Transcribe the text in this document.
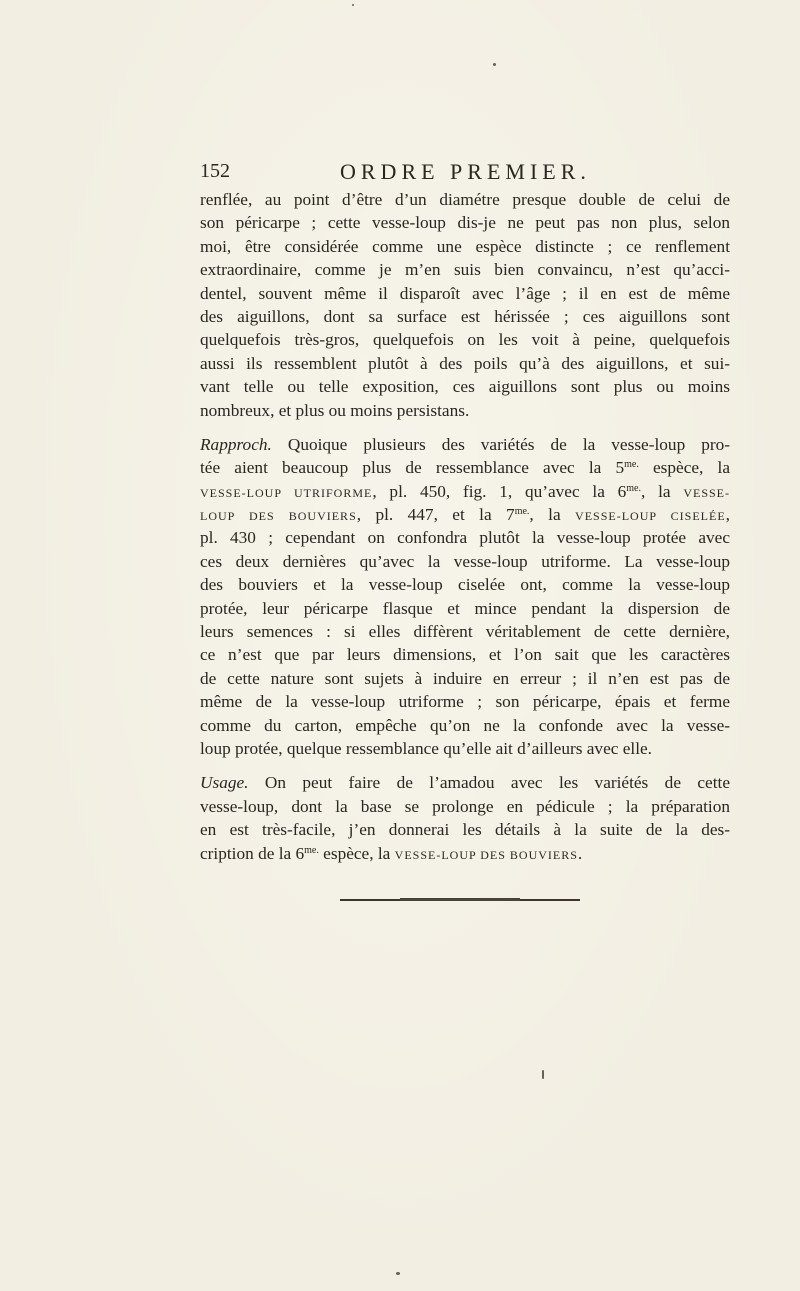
152	ORDRE PREMIER.
renflée, au point d’être d’un diamétre presque double de celui de
son péricarpe ; cette vesse-loup dis-je ne peut pas non plus, selon
moi, être considérée comme une espèce distincte ; ce renflement
extraordinaire, comme je m’en suis bien convaincu, n’est qu’acci-
dentel, souvent même il disparoît avec l’âge ; il en est de même
des aiguillons, dont sa surface est hérissée ; ces aiguillons sont
quelquefois très-gros, quelquefois on les voit à peine, quelquefois
aussi ils ressemblent plutôt à des poils qu’à des aiguillons, et sui-
vant telle ou telle exposition, ces aiguillons sont plus ou moins
nombreux, et plus ou moins persistans.
Rapproch. Quoique plusieurs des variétés de la vesse-loup pro-
tée aient beaucoup plus de ressemblance avec la $5^{me.}$ espèce, la
VESSE-LOUP UTRIFORME, pl. 450, fig. 1, qu’avec la $6^{me.}$, la VESSE-
LOUP DES BOUVIERS, pl. 447, et la $7^{me.}$, la VESSE-LOUP CISELÉE,
pl. 430 ; cependant on confondra plutôt la vesse-loup protée avec
ces deux dernières qu’avec la vesse-loup utriforme. La vesse-loup
des bouviers et la vesse-loup ciselée ont, comme la vesse-loup
protée, leur péricarpe flasque et mince pendant la dispersion de
leurs semences : si elles diffèrent véritablement de cette dernière,
ce n’est que par leurs dimensions, et l’on sait que les caractères
de cette nature sont sujets à induire en erreur ; il n’en est pas de
même de la vesse-loup utriforme ; son péricarpe, épais et ferme
comme du carton, empêche qu’on ne la confonde avec la vesse-
loup protée, quelque ressemblance qu’elle ait d’ailleurs avec elle.
Usage. On peut faire de l’amadou avec les variétés de cette
vesse-loup, dont la base se prolonge en pédicule ; la préparation
en est très-facile, j’en donnerai les détails à la suite de la des-
cription de la $6^{me.}$ espèce, la VESSE-LOUP DES BOUVIERS.
